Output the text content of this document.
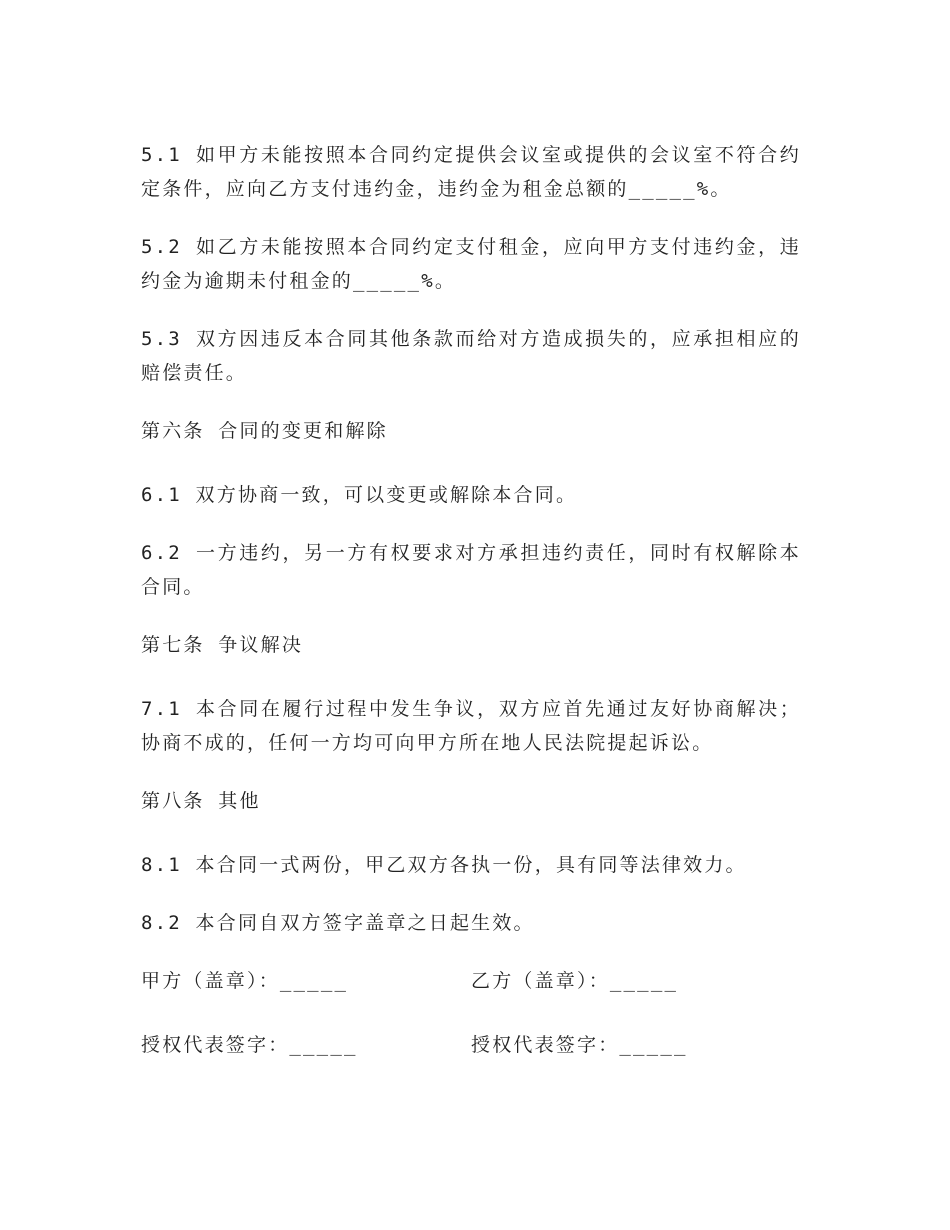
5.1 如甲方未能按照本合同约定提供会议室或提供的会议室不符合约定条件，应向乙方支付违约金，违约金为租金总额的_____%。

5.2 如乙方未能按照本合同约定支付租金，应向甲方支付违约金，违约金为逾期未付租金的_____%。

5.3 双方因违反本合同其他条款而给对方造成损失的，应承担相应的赔偿责任。

第六条 合同的变更和解除

6.1 双方协商一致，可以变更或解除本合同。

6.2 一方违约，另一方有权要求对方承担违约责任，同时有权解除本合同。

第七条 争议解决

7.1 本合同在履行过程中发生争议，双方应首先通过友好协商解决；协商不成的，任何一方均可向甲方所在地人民法院提起诉讼。

第八条 其他

8.1 本合同一式两份，甲乙双方各执一份，具有同等法律效力。

8.2 本合同自双方签字盖章之日起生效。

甲方（盖章）：_____	乙方（盖章）：_____
授权代表签字：_____	授权代表签字：_____
